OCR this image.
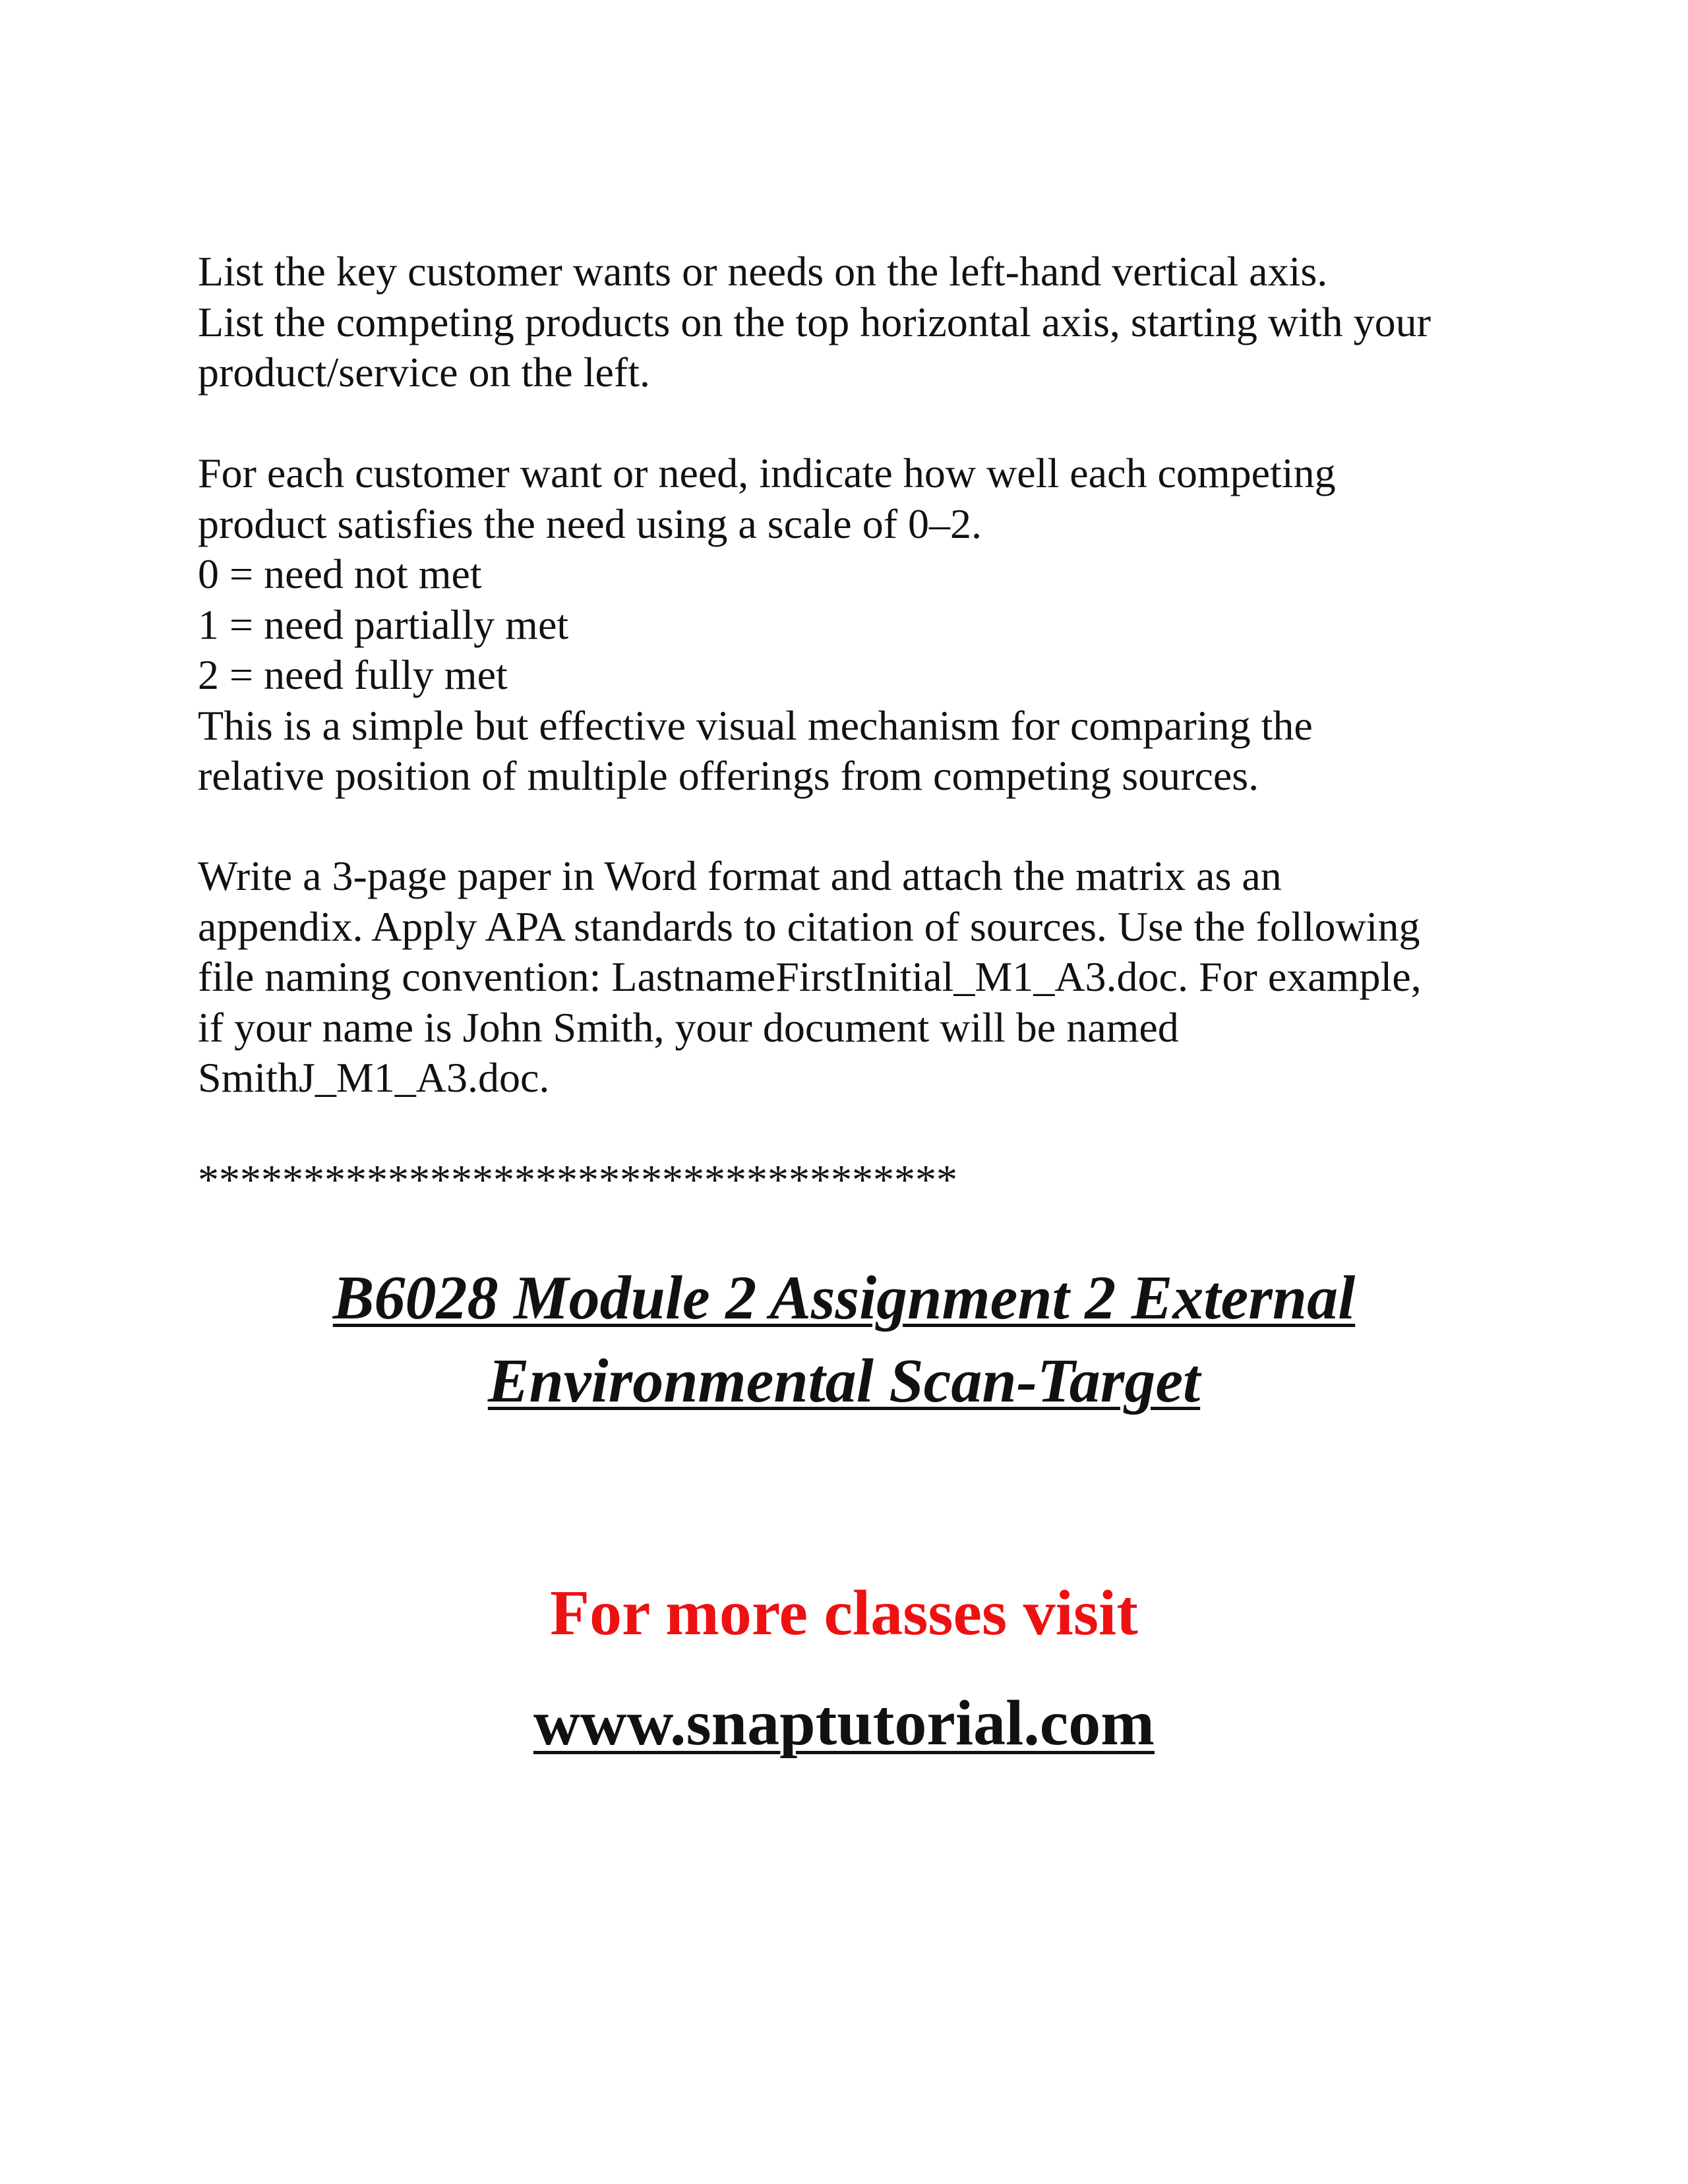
List the key customer wants or needs on the left-hand vertical axis.
List the competing products on the top horizontal axis, starting with your
product/service on the left.
For each customer want or need, indicate how well each competing
product satisfies the need using a scale of 0–2.
0 = need not met
1 = need partially met
2 = need fully met
This is a simple but effective visual mechanism for comparing the
relative position of multiple offerings from competing sources.
Write a 3-page paper in Word format and attach the matrix as an
appendix. Apply APA standards to citation of sources. Use the following
file naming convention: LastnameFirstInitial_M1_A3.doc. For example,
if your name is John Smith, your document will be named
SmithJ_M1_A3.doc.
************************************
B6028 Module 2 Assignment 2 External
Environmental Scan-Target
For more classes visit
www.snaptutorial.com
